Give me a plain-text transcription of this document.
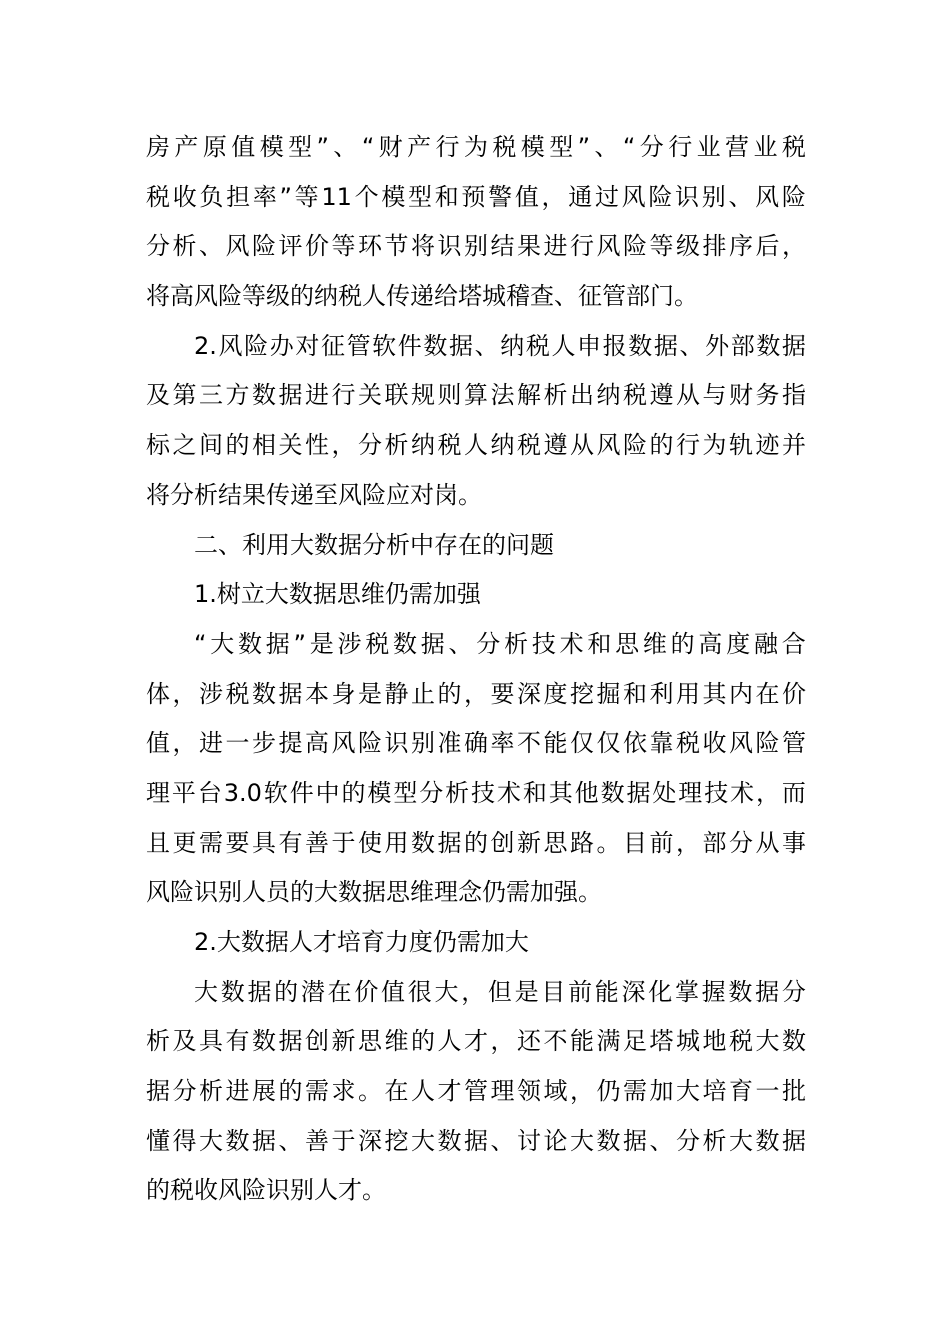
房 产 原 值 模 型 ” 、 “ 财 产 行 为 税 模 型 ” 、 “ 分 行 业 营 业 税
税 收 负 担 率 ” 等 11 个 模 型 和 预 警 值 ， 通 过 风 险 识 别 、 风 险
分 析 、 风 险 评 价 等 环 节 将 识 别 结 果 进 行 风 险 等 级 排 序 后 ，
将高风险等级的纳税人传递给塔城稽查、征管部门。
2. 风 险 办 对 征 管 软 件 数 据 、 纳 税 人 申 报 数 据 、 外 部 数 据
及 第 三 方 数 据 进 行 关 联 规 则 算 法 解 析 出 纳 税 遵 从 与 财 务 指
标 之 间 的 相 关 性 ， 分 析 纳 税 人 纳 税 遵 从 风 险 的 行 为 轨 迹 并
将分析结果传递至风险应对岗。
二、利用大数据分析中存在的问题
1.树立大数据思维仍需加强
“ 大 数 据 ” 是 涉 税 数 据 、 分 析 技 术 和 思 维 的 高 度 融 合
体 ， 涉 税 数 据 本 身 是 静 止 的 ， 要 深 度 挖 掘 和 利 用 其 内 在 价
值 ， 进 一 步 提 高 风 险 识 别 准 确 率 不 能 仅 仅 依 靠 税 收 风 险 管
理 平 台 3.0 软 件 中 的 模 型 分 析 技 术 和 其 他 数 据 处 理 技 术 ， 而
且 更 需 要 具 有 善 于 使 用 数 据 的 创 新 思 路 。 目 前 ， 部 分 从 事
风险识别人员的大数据思维理念仍需加强。
2.大数据人才培育力度仍需加大
大 数 据 的 潜 在 价 值 很 大 ， 但 是 目 前 能 深 化 掌 握 数 据 分
析 及 具 有 数 据 创 新 思 维 的 人 才 ， 还 不 能 满 足 塔 城 地 税 大 数
据 分 析 进 展 的 需 求 。 在 人 才 管 理 领 域 ， 仍 需 加 大 培 育 一 批
懂 得 大 数 据 、 善 于 深 挖 大 数 据 、 讨 论 大 数 据 、 分 析 大 数 据
的税收风险识别人才。
